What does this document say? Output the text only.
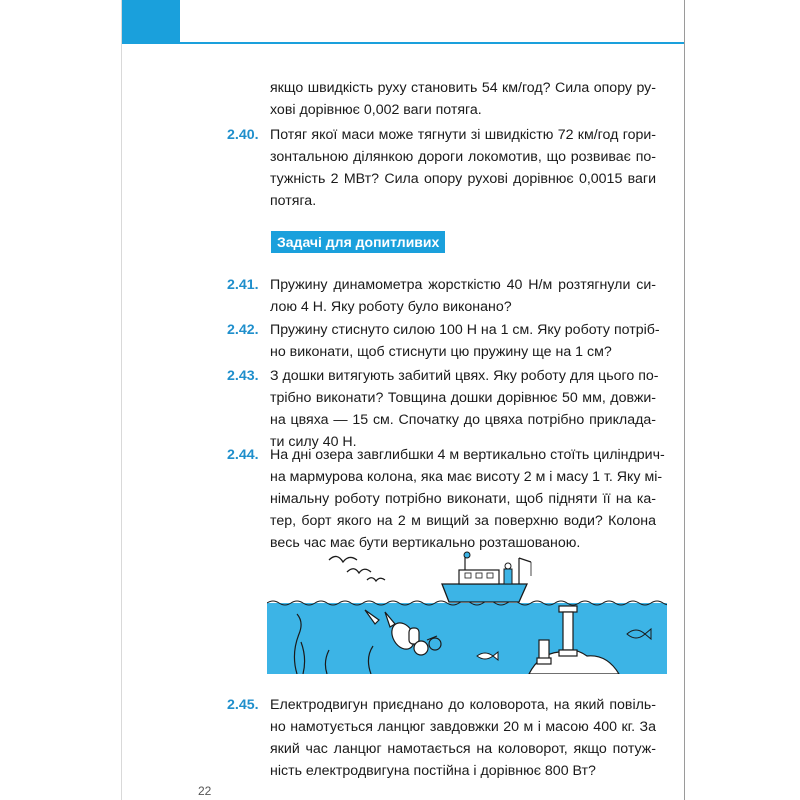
якщо швидкість руху становить 54 км/год? Сила опору ру-
хові дорівнює 0,002 ваги потяга.
2.40. Потяг якої маси може тягнути зі швидкістю 72 км/год гори-
зонтальною ділянкою дороги локомотив, що розвиває по-
тужність 2 МВт? Сила опору рухові дорівнює 0,0015 ваги
потяга.
Задачі для допитливих
2.41. Пружину динамометра жорсткістю 40 Н/м розтягнули си-
лою 4 Н. Яку роботу було виконано?
2.42. Пружину стиснуто силою 100 Н на 1 см. Яку роботу потріб-
но виконати, щоб стиснути цю пружину ще на 1 см?
2.43. З дошки витягують забитий цвях. Яку роботу для цього по-
трібно виконати? Товщина дошки дорівнює 50 мм, довжи-
на цвяха — 15 см. Спочатку до цвяха потрібно приклада-
ти силу 40 Н.
2.44. На дні озера завглибшки 4 м вертикально стоїть циліндрич-
на мармурова колона, яка має висоту 2 м і масу 1 т. Яку мі-
німальну роботу потрібно виконати, щоб підняти її на ка-
тер, борт якого на 2 м вищий за поверхню води? Колона
весь час має бути вертикально розташованою.
2.45. Електродвигун приєднано до коловорота, на який повіль-
но намотується ланцюг завдовжки 20 м і масою 400 кг. За
який час ланцюг намотається на коловорот, якщо потуж-
ність електродвигуна постійна і дорівнює 800 Вт?
22
